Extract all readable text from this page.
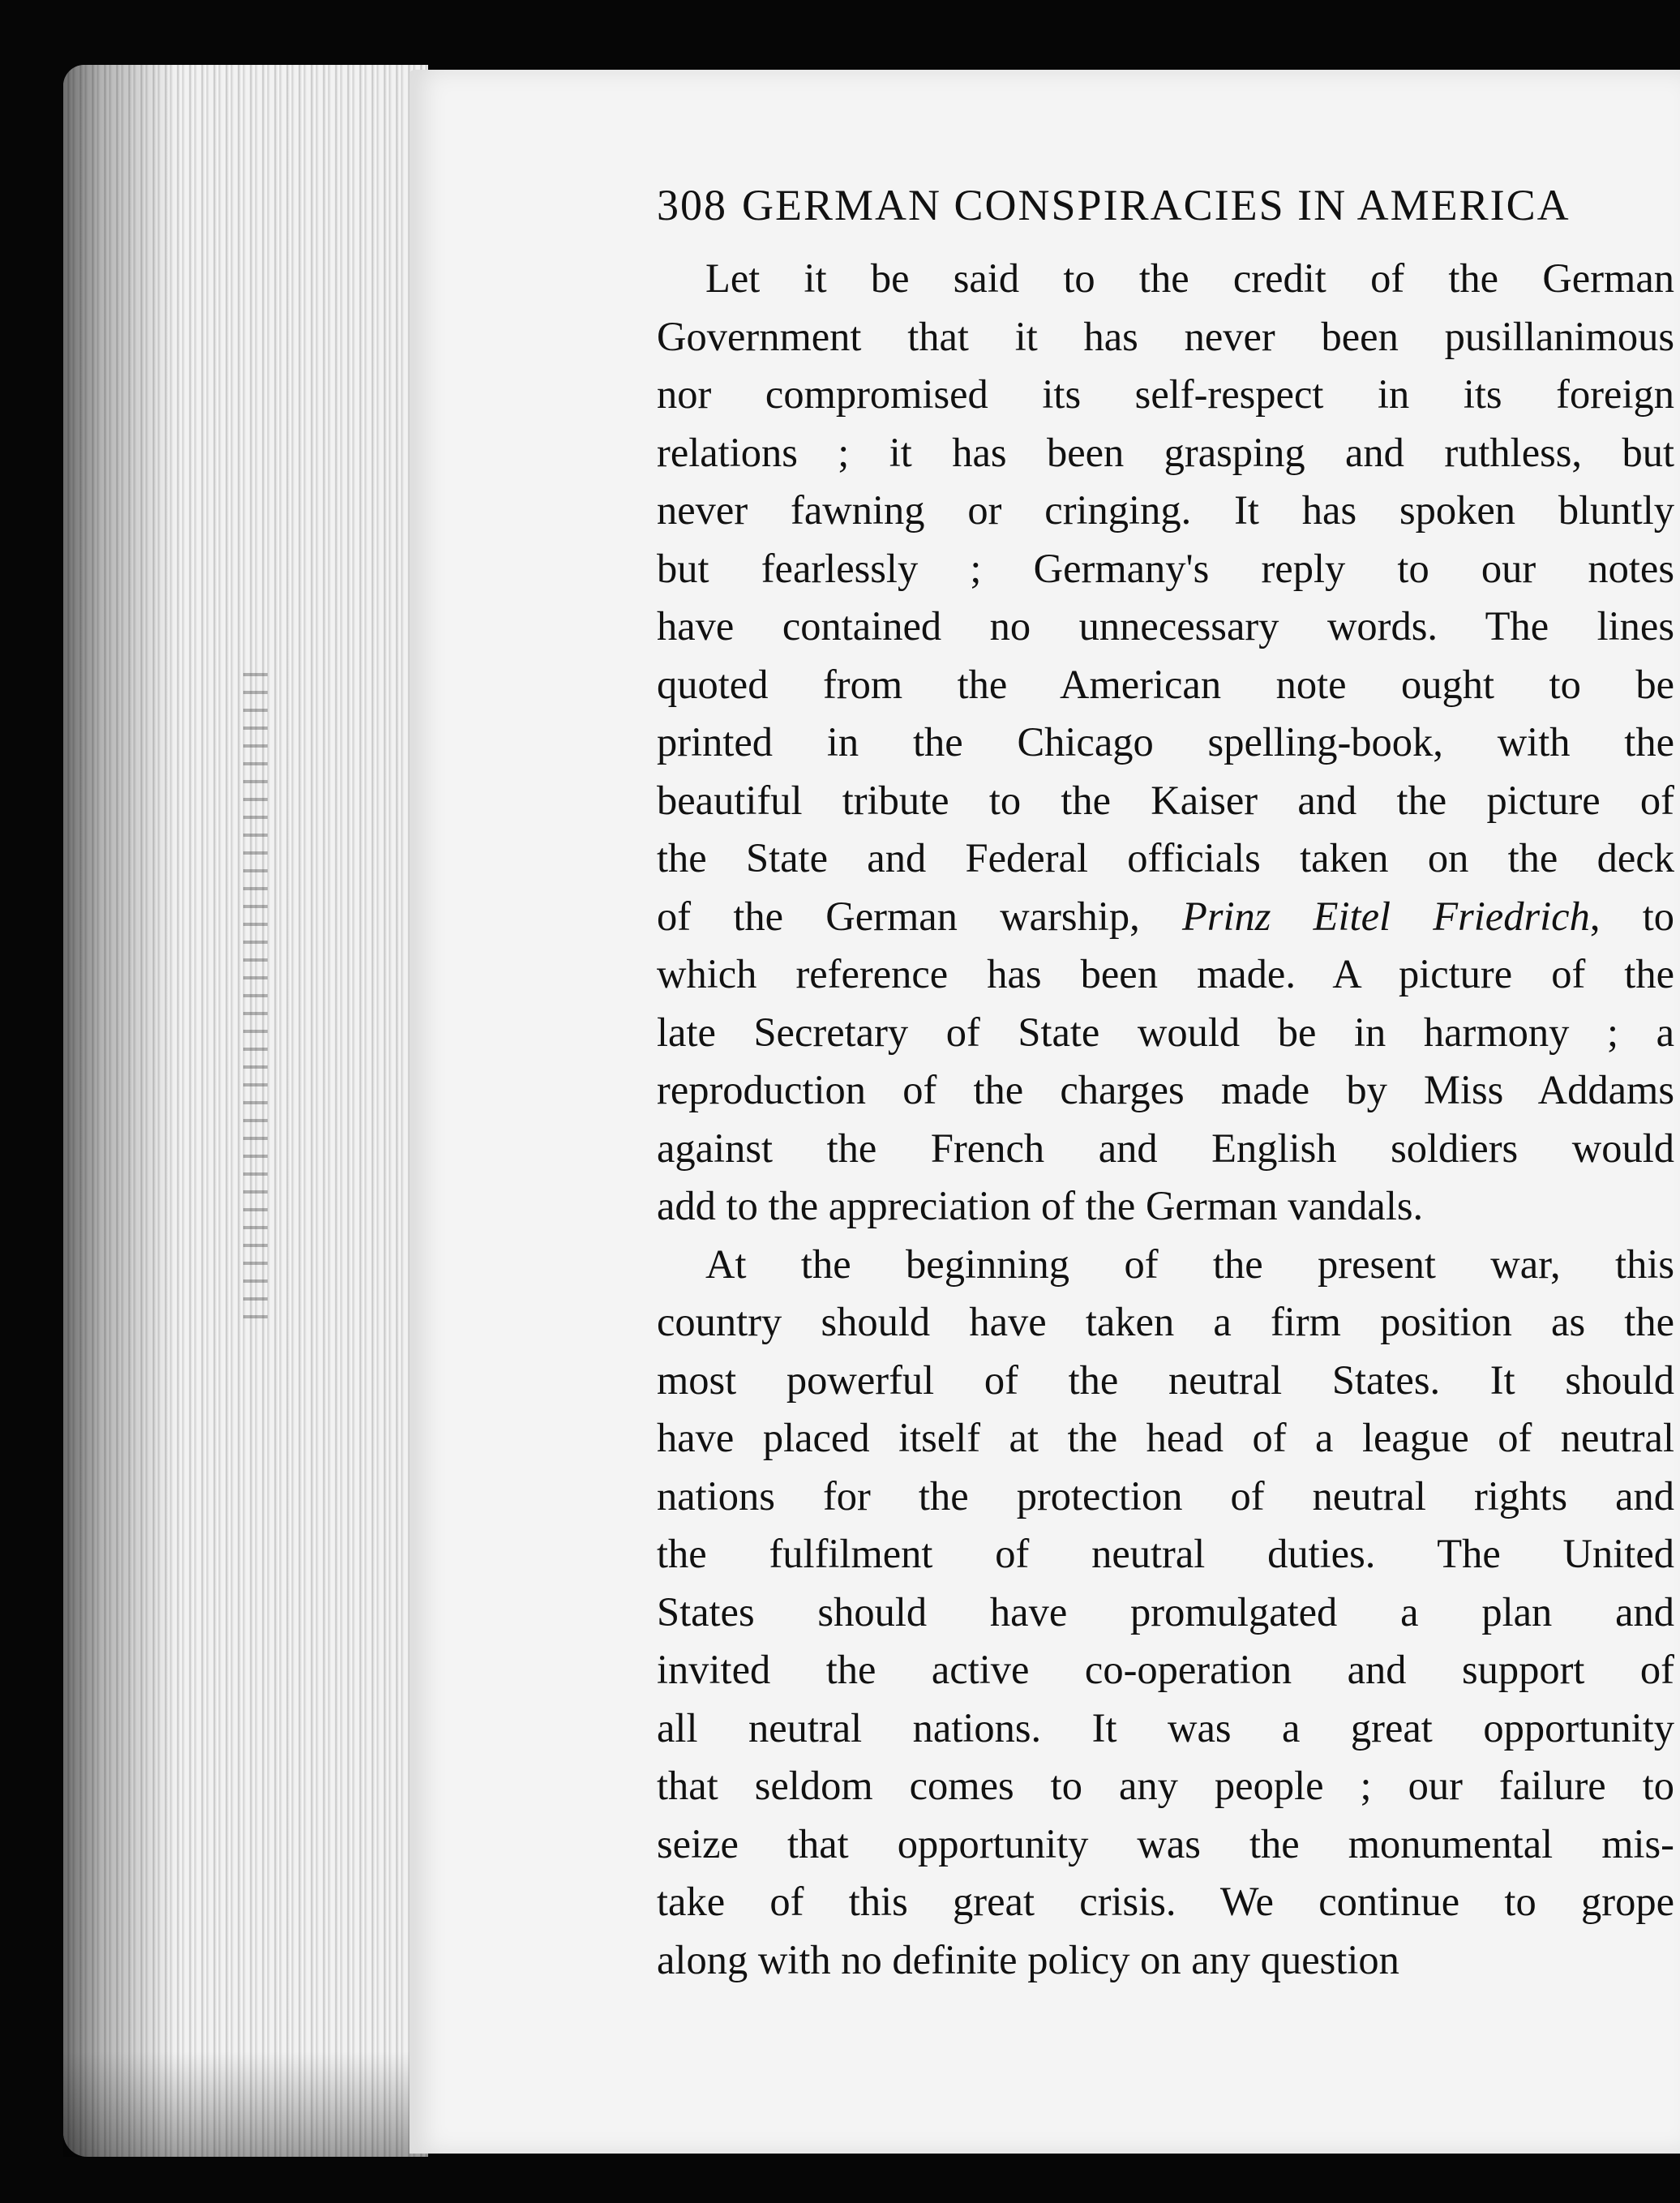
308 GERMAN CONSPIRACIES IN AMERICA
Let it be said to the credit of the German
Government that it has never been pusillanimous
nor compromised its self-respect in its foreign
relations ; it has been grasping and ruthless, but
never fawning or cringing. It has spoken bluntly
but fearlessly ; Germany's reply to our notes
have contained no unnecessary words. The lines
quoted from the American note ought to be
printed in the Chicago spelling-book, with the
beautiful tribute to the Kaiser and the picture of
the State and Federal officials taken on the deck
of the German warship, Prinz Eitel Friedrich, to
which reference has been made. A picture of the
late Secretary of State would be in harmony ; a
reproduction of the charges made by Miss Addams
against the French and English soldiers would
add to the appreciation of the German vandals.
At the beginning of the present war, this
country should have taken a firm position as the
most powerful of the neutral States. It should
have placed itself at the head of a league of neutral
nations for the protection of neutral rights and
the fulfilment of neutral duties. The United
States should have promulgated a plan and
invited the active co-operation and support of
all neutral nations. It was a great opportunity
that seldom comes to any people ; our failure to
seize that opportunity was the monumental mis-
take of this great crisis. We continue to grope
along with no definite policy on any question
